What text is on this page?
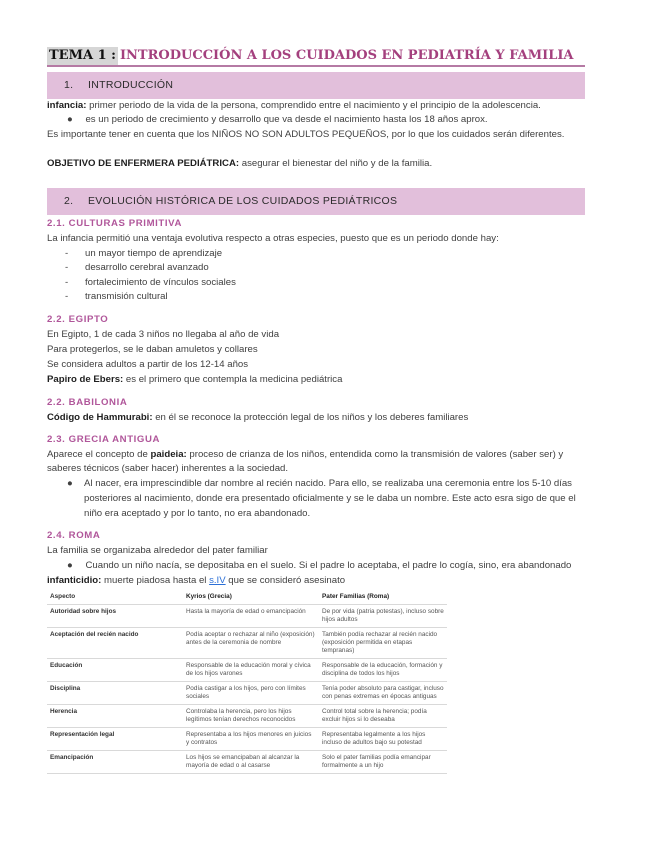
TEMA 1 : INTRODUCCIÓN A LOS CUIDADOS EN PEDIATRÍA Y FAMILIA
1. INTRODUCCIÓN
infancia: primer periodo de la vida de la persona, comprendido entre el nacimiento y el principio de la adolescencia.
● es un periodo de crecimiento y desarrollo que va desde el nacimiento hasta los 18 años aprox.
Es importante tener en cuenta que los NIÑOS NO SON ADULTOS PEQUEÑOS, por lo que los cuidados serán diferentes.
OBJETIVO DE ENFERMERA PEDIÁTRICA: asegurar el bienestar del niño y de la familia.
2. EVOLUCIÓN HISTÓRICA DE LOS CUIDADOS PEDIÁTRICOS
2.1. CULTURAS PRIMITIVA
La infancia permitió una ventaja evolutiva respecto a otras especies, puesto que es un periodo donde hay:
- un mayor tiempo de aprendizaje
- desarrollo cerebral avanzado
- fortalecimiento de vínculos sociales
- transmisión cultural
2.2. EGIPTO
En Egipto, 1 de cada 3 niños no llegaba al año de vida
Para protegerlos, se le daban amuletos y collares
Se considera adultos a partir de los 12-14 años
Papiro de Ebers: es el primero que contempla la medicina pediátrica
2.2. BABILONIA
Código de Hammurabi: en él se reconoce la protección legal de los niños y los deberes familiares
2.3. GRECIA ANTIGUA
Aparece el concepto de paideia: proceso de crianza de los niños, entendida como la transmisión de valores (saber ser) y
saberes técnicos (saber hacer) inherentes a la sociedad.
● Al nacer, era imprescindible dar nombre al recién nacido. Para ello, se realizaba una ceremonia entre los 5-10 días
posteriores al nacimiento, donde era presentado oficialmente y se le daba un nombre. Este acto esra sigo de que el
niño era aceptado y por lo tanto, no era abandonado.
2.4. ROMA
La familia se organizaba alrededor del pater familiar
● Cuando un niño nacía, se depositaba en el suelo. Si el padre lo aceptaba, el padre lo cogía, sino, era abandonado
infanticidio: muerte piadosa hasta el s.IV que se consideró asesinato
Aspecto	Kyrios (Grecia)	Pater Familias (Roma)
Autoridad sobre hijos	Hasta la mayoría de edad o emancipación	De por vida (patria potestas), incluso sobre hijos adultos
Aceptación del recién nacido	Podía aceptar o rechazar al niño (exposición) antes de la ceremonia de nombre	También podía rechazar al recién nacido (exposición permitida en etapas tempranas)
Educación	Responsable de la educación moral y cívica de los hijos varones	Responsable de la educación, formación y disciplina de todos los hijos
Disciplina	Podía castigar a los hijos, pero con límites sociales	Tenía poder absoluto para castigar, incluso con penas extremas en épocas antiguas
Herencia	Controlaba la herencia, pero los hijos legítimos tenían derechos reconocidos	Control total sobre la herencia; podía excluir hijos si lo deseaba
Representación legal	Representaba a los hijos menores en juicios y contratos	Representaba legalmente a los hijos incluso de adultos bajo su potestad
Emancipación	Los hijos se emancipaban al alcanzar la mayoría de edad o al casarse	Solo el pater familias podía emancipar formalmente a un hijo
